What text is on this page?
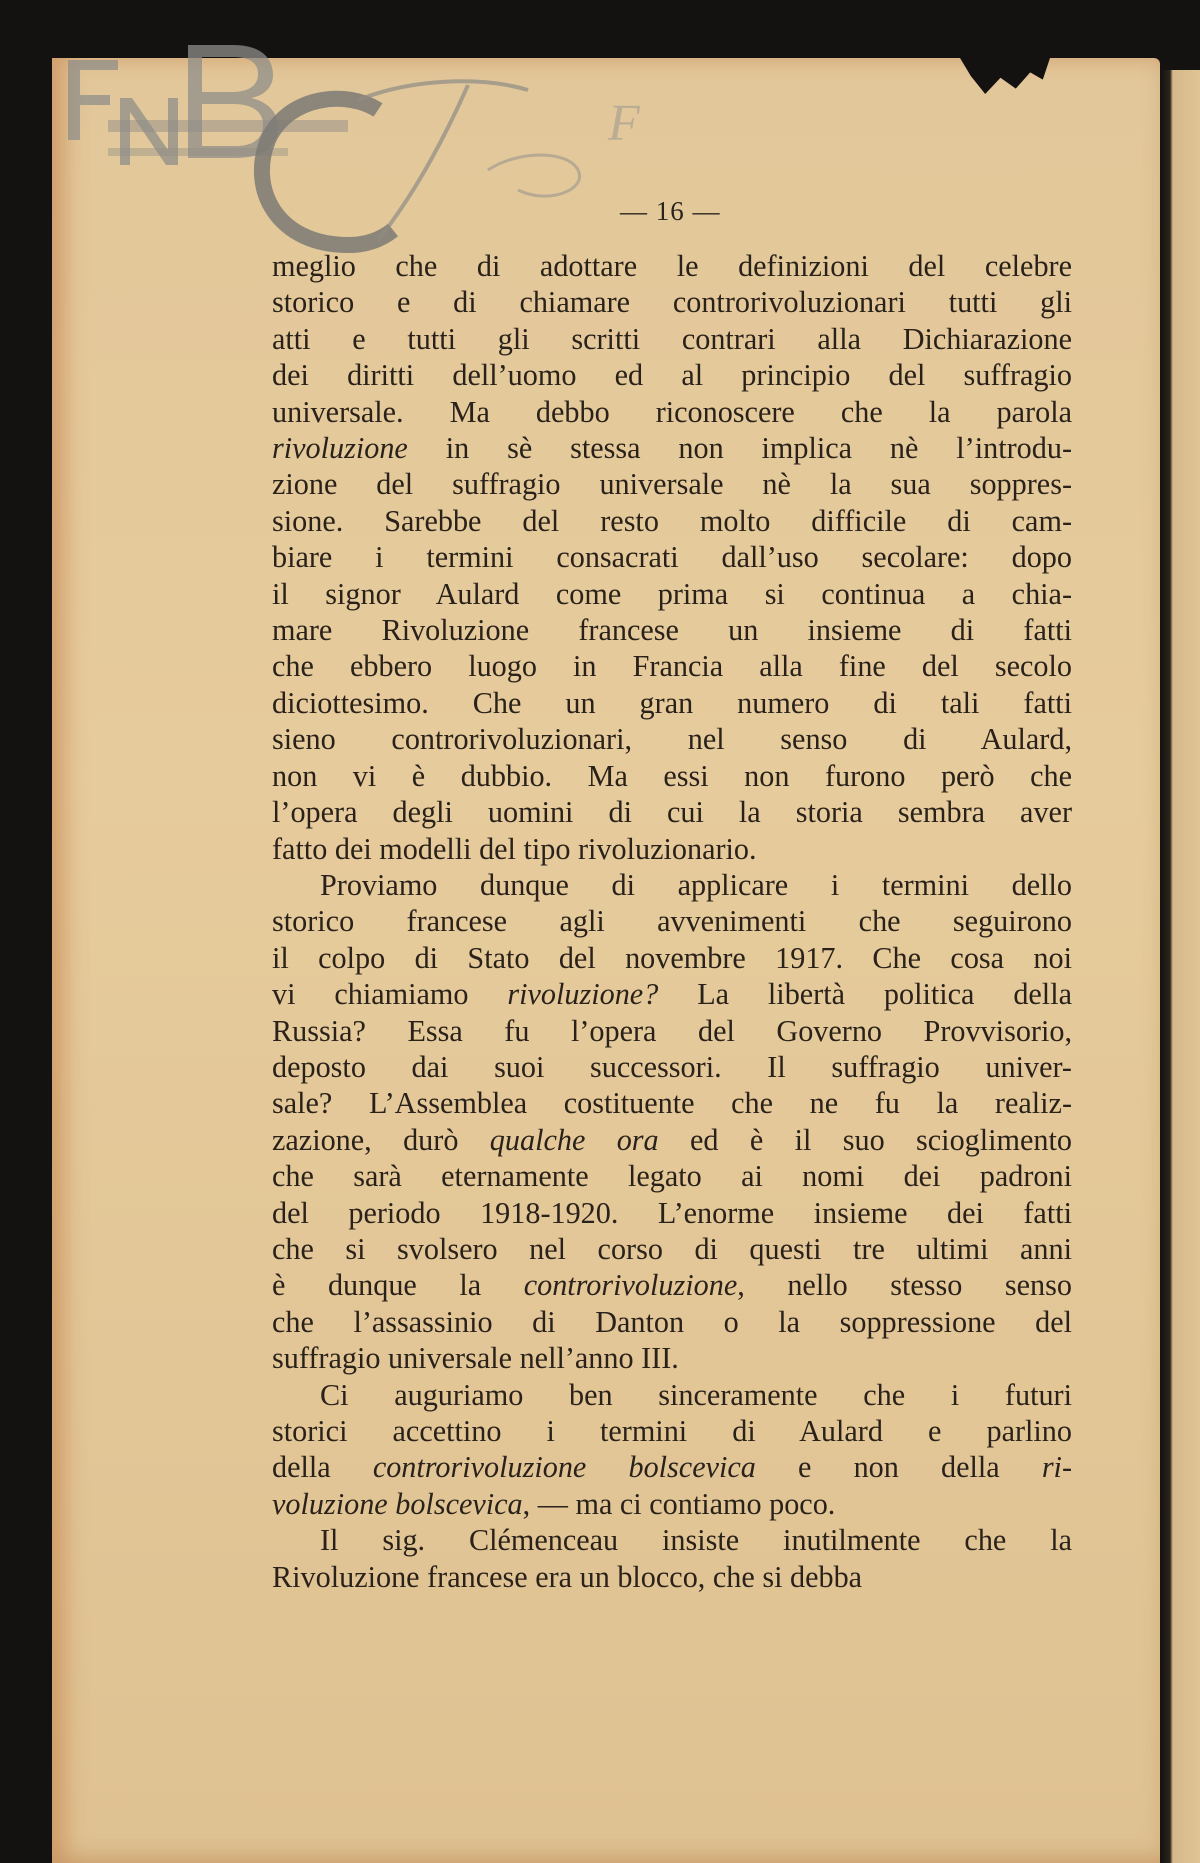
F
— 16 —

meglio che di adottare le definizioni del celebre
storico e di chiamare controrivoluzionari tutti gli
atti e tutti gli scritti contrari alla Dichiarazione
dei diritti dell’uomo ed al principio del suffragio
universale. Ma debbo riconoscere che la parola
rivoluzione in sè stessa non implica nè l’introdu-
zione del suffragio universale nè la sua soppres-
sione. Sarebbe del resto molto difficile di cam-
biare i termini consacrati dall’uso secolare: dopo
il signor Aulard come prima si continua a chia-
mare Rivoluzione francese un insieme di fatti
che ebbero luogo in Francia alla fine del secolo
diciottesimo. Che un gran numero di tali fatti
sieno controrivoluzionari, nel senso di Aulard,
non vi è dubbio. Ma essi non furono però che
l’opera degli uomini di cui la storia sembra aver
fatto dei modelli del tipo rivoluzionario.

Proviamo dunque di applicare i termini dello
storico francese agli avvenimenti che seguirono
il colpo di Stato del novembre 1917. Che cosa noi
vi chiamiamo rivoluzione? La libertà politica della
Russia? Essa fu l’opera del Governo Provvisorio,
deposto dai suoi successori. Il suffragio univer-
sale? L’Assemblea costituente che ne fu la realiz-
zazione, durò qualche ora ed è il suo scioglimento
che sarà eternamente legato ai nomi dei padroni
del periodo 1918-1920. L’enorme insieme dei fatti
che si svolsero nel corso di questi tre ultimi anni
è dunque la controrivoluzione, nello stesso senso
che l’assassinio di Danton o la soppressione del
suffragio universale nell’anno III.

Ci auguriamo ben sinceramente che i futuri
storici accettino i termini di Aulard e parlino
della controrivoluzione bolscevica e non della ri-
voluzione bolscevica, — ma ci contiamo poco.

Il sig. Clémenceau insiste inutilmente che la
Rivoluzione francese era un blocco, che si debba
